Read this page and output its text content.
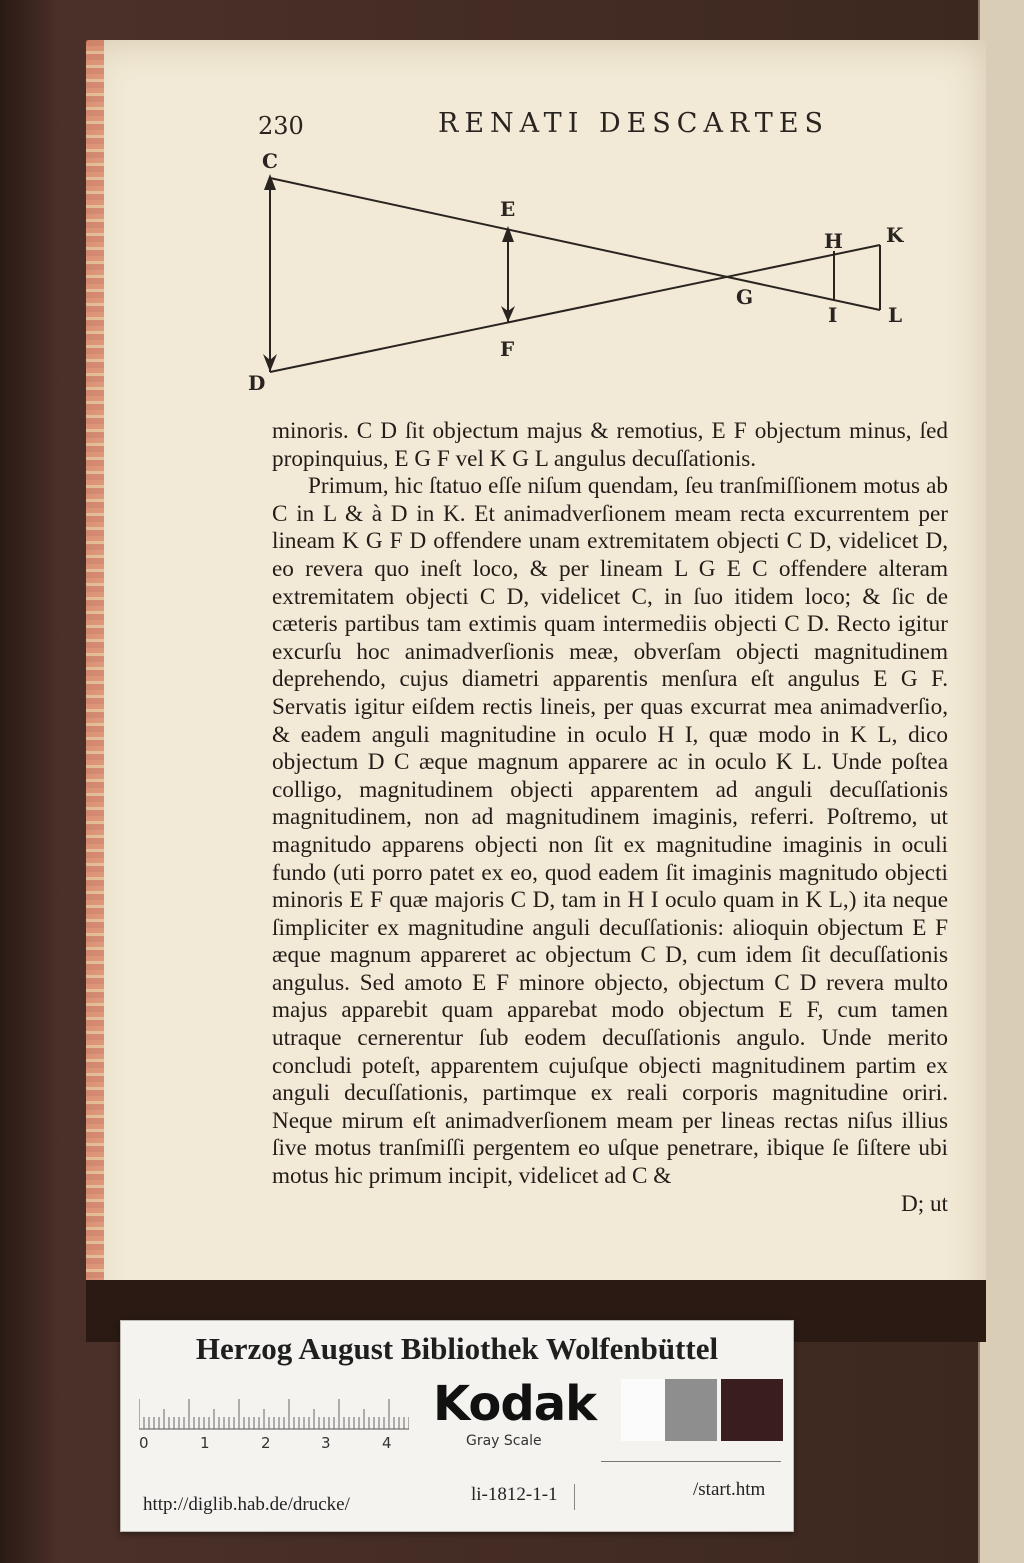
230	RENATI DESCARTES
C
D
E
F
G
H
I
K
L

minoris. C D ſit objectum majus & remotius, E F objectum minus, ſed propinquius, E G F vel K G L angulus decuſſationis.

Primum, hic ſtatuo eſſe niſum quendam, ſeu tranſmiſſionem motus ab C in L & à D in K. Et animadverſionem meam recta excurrentem per lineam K G F D offendere unam extremitatem objecti C D, videlicet D, eo revera quo ineſt loco, & per lineam L G E C offendere alteram extremitatem objecti C D, videlicet C, in ſuo itidem loco; & ſic de cæteris partibus tam extimis quam intermediis objecti C D. Recto igitur excurſu hoc animadverſionis meæ, obverſam objecti magnitudinem deprehendo, cujus diametri apparentis menſura eſt angulus E G F. Servatis igitur eiſdem rectis lineis, per quas excurrat mea animadverſio, & eadem anguli magnitudine in oculo H I, quæ modo in K L, dico objectum D C æque magnum apparere ac in oculo K L. Unde poſtea colligo, magnitudinem objecti apparentem ad anguli decuſſationis magnitudinem, non ad magnitudinem imaginis, referri. Poſtremo, ut magnitudo apparens objecti non ſit ex magnitudine imaginis in oculi fundo (uti porro patet ex eo, quod eadem ſit imaginis magnitudo objecti minoris E F quæ majoris C D, tam in H I oculo quam in K L,) ita neque ſimpliciter ex magnitudine anguli decuſſationis: alioquin objectum E F æque magnum appareret ac objectum C D, cum idem ſit decuſſationis angulus. Sed amoto E F minore objecto, objectum C D revera multo majus apparebit quam apparebat modo objectum E F, cum tamen utraque cernerentur ſub eodem decuſſationis angulo. Unde merito concludi poteſt, apparentem cujuſque objecti magnitudinem partim ex anguli decuſſationis, partimque ex reali corporis magnitudine oriri. Neque mirum eſt animadverſionem meam per lineas rectas niſus illius ſive motus tranſmiſſi pergentem eo uſque penetrare, ibique ſe ſiſtere ubi motus hic primum incipit, videlicet ad C &

D; ut

Herzog August Bibliothek Wolfenbüttel
0	1	2	3	4
Kodak
Gray Scale
http://diglib.hab.de/drucke/	li-1812-1-1	/start.htm
